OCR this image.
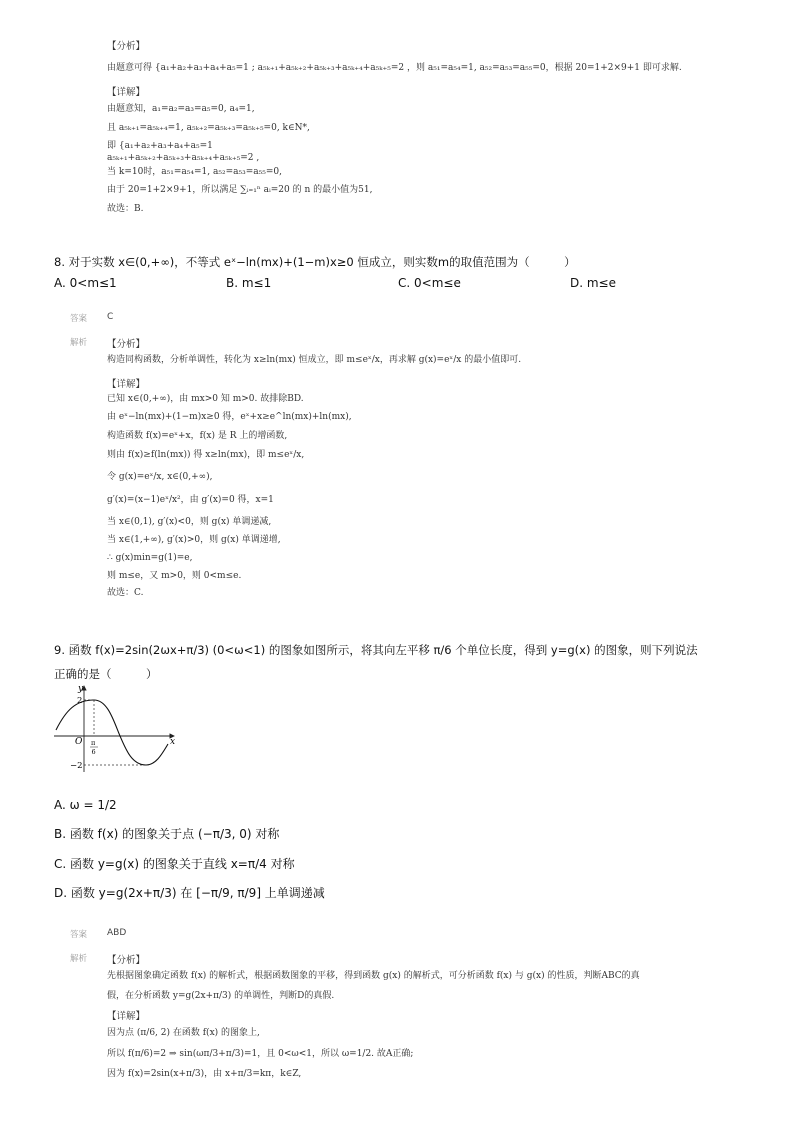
【分析】
由题意可得 {a₁+a₂+a₃+a₄+a₅=1 ; a₅ₖ₊₁+a₅ₖ₊₂+a₅ₖ₊₃+a₅ₖ₊₄+a₅ₖ₊₅=2 ，则 a₅₁=a₅₄=1, a₅₂=a₅₃=a₅₅=0，根据 20=1+2×9+1 即可求解.
【详解】
由题意知，a₁=a₂=a₃=a₅=0, a₄=1,
且 a₅ₖ₊₁=a₅ₖ₊₄=1, a₅ₖ₊₂=a₅ₖ₊₃=a₅ₖ₊₅=0, k∈N*,
即 {a₁+a₂+a₃+a₄+a₅=1
a₅ₖ₊₁+a₅ₖ₊₂+a₅ₖ₊₃+a₅ₖ₊₄+a₅ₖ₊₅=2 ,
当 k=10时，a₅₁=a₅₄=1, a₅₂=a₅₃=a₅₅=0,
由于 20=1+2×9+1，所以满足 ∑ᵢ₌₁ⁿ aᵢ=20 的 n 的最小值为51,
故选：B.
8. 对于实数 x∈(0,+∞)，不等式 eˣ−ln(mx)+(1−m)x≥0 恒成立，则实数m的取值范围为（　　　）
A. 0<m≤1	B. m≤1	C. 0<m≤e	D. m≤e
答案 C
解析 【分析】
构造同构函数，分析单调性，转化为 x≥ln(mx) 恒成立，即 m≤eˣ/x，再求解 g(x)=eˣ/x 的最小值即可.
【详解】
已知 x∈(0,+∞)，由 mx>0 知 m>0. 故排除BD.
由 eˣ−ln(mx)+(1−m)x≥0 得，eˣ+x≥e^ln(mx)+ln(mx),
构造函数 f(x)=eˣ+x，f(x) 是 R 上的增函数,
则由 f(x)≥f(ln(mx)) 得 x≥ln(mx)，即 m≤eˣ/x,
令 g(x)=eˣ/x, x∈(0,+∞),
g′(x)=(x−1)eˣ/x²，由 g′(x)=0 得，x=1
当 x∈(0,1), g′(x)<0，则 g(x) 单调递减,
当 x∈(1,+∞), g′(x)>0，则 g(x) 单调递增,
∴ g(x)min=g(1)=e,
则 m≤e，又 m>0，则 0<m≤e.
故选：C.
9. 函数 f(x)=2sin(2ωx+π/3) (0<ω<1) 的图象如图所示，将其向左平移 π/6 个单位长度，得到 y=g(x) 的图象，则下列说法
正确的是（　　　）
y
x
O
2
−2
π
6
A. ω = 1/2
B. 函数 f(x) 的图象关于点 (−π/3, 0) 对称
C. 函数 y=g(x) 的图象关于直线 x=π/4 对称
D. 函数 y=g(2x+π/3) 在 [−π/9, π/9] 上单调递减
答案 ABD
解析 【分析】
先根据图象确定函数 f(x) 的解析式，根据函数图象的平移，得到函数 g(x) 的解析式，可分析函数 f(x) 与 g(x) 的性质，判断ABC的真
假，在分析函数 y=g(2x+π/3) 的单调性，判断D的真假.
【详解】
因为点 (π/6, 2) 在函数 f(x) 的图象上,
所以 f(π/6)=2 ⇒ sin(ωπ/3+π/3)=1，且 0<ω<1，所以 ω=1/2. 故A正确;
因为 f(x)=2sin(x+π/3)，由 x+π/3=kπ，k∈Z,
